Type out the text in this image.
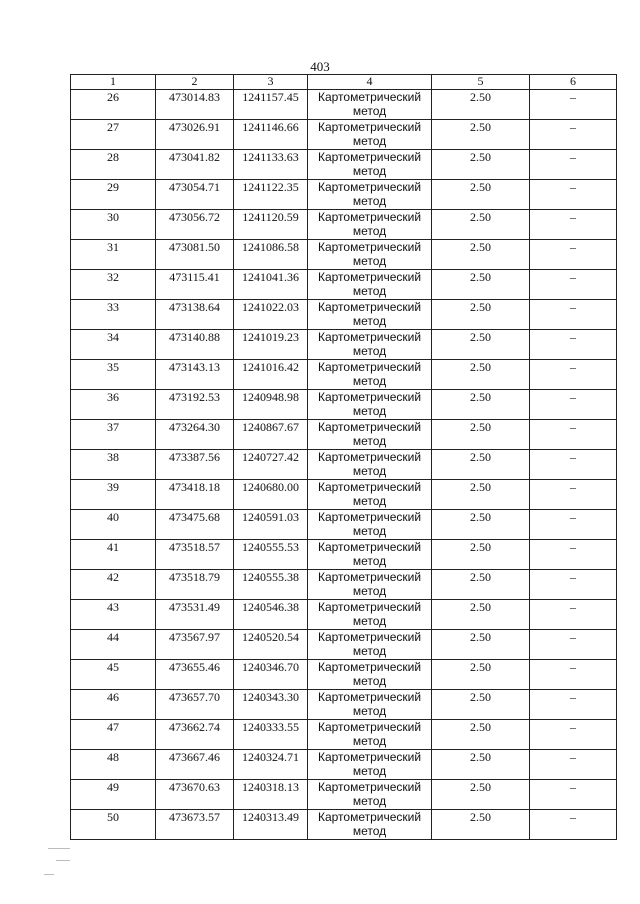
403
1	2	3	4	5	6
26	473014.83	1241157.45	Картометрический метод	2.50	–
27	473026.91	1241146.66	Картометрический метод	2.50	–
28	473041.82	1241133.63	Картометрический метод	2.50	–
29	473054.71	1241122.35	Картометрический метод	2.50	–
30	473056.72	1241120.59	Картометрический метод	2.50	–
31	473081.50	1241086.58	Картометрический метод	2.50	–
32	473115.41	1241041.36	Картометрический метод	2.50	–
33	473138.64	1241022.03	Картометрический метод	2.50	–
34	473140.88	1241019.23	Картометрический метод	2.50	–
35	473143.13	1241016.42	Картометрический метод	2.50	–
36	473192.53	1240948.98	Картометрический метод	2.50	–
37	473264.30	1240867.67	Картометрический метод	2.50	–
38	473387.56	1240727.42	Картометрический метод	2.50	–
39	473418.18	1240680.00	Картометрический метод	2.50	–
40	473475.68	1240591.03	Картометрический метод	2.50	–
41	473518.57	1240555.53	Картометрический метод	2.50	–
42	473518.79	1240555.38	Картометрический метод	2.50	–
43	473531.49	1240546.38	Картометрический метод	2.50	–
44	473567.97	1240520.54	Картометрический метод	2.50	–
45	473655.46	1240346.70	Картометрический метод	2.50	–
46	473657.70	1240343.30	Картометрический метод	2.50	–
47	473662.74	1240333.55	Картометрический метод	2.50	–
48	473667.46	1240324.71	Картометрический метод	2.50	–
49	473670.63	1240318.13	Картометрический метод	2.50	–
50	473673.57	1240313.49	Картометрический метод	2.50	–
